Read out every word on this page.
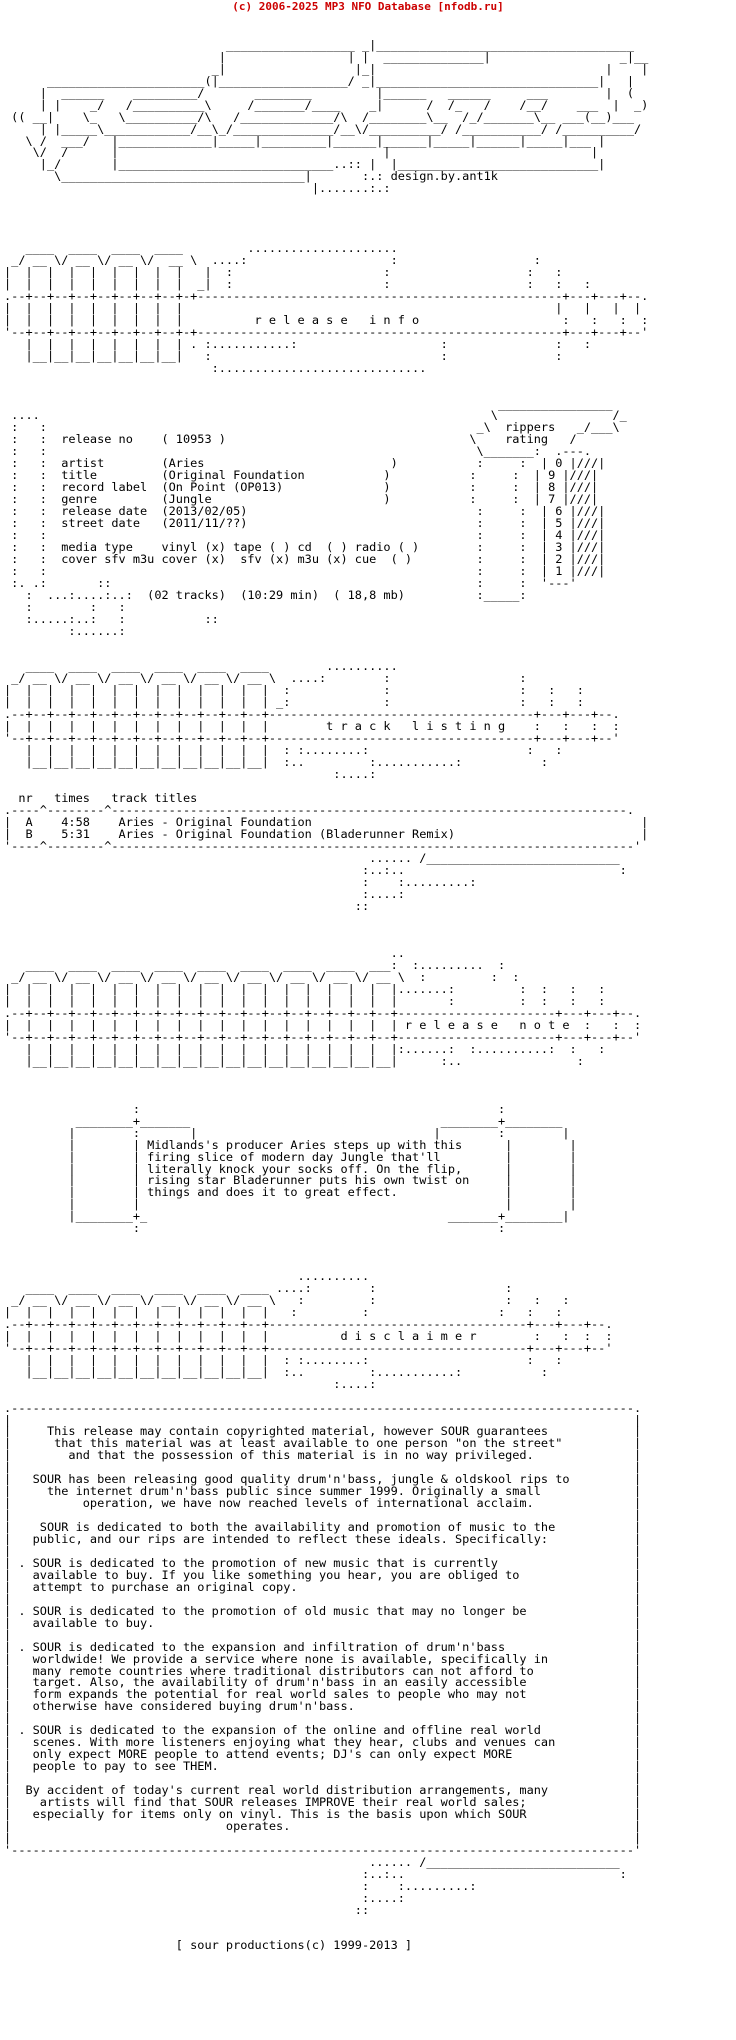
(c) 2006-2025 MP3 NFO Database [nfodb.ru]

__________________ _|____________________________________
|                 | |  ______________|                  _|__
_|                  |_|                                |    |
______________________(|__________________/ _|_______________________________|   |
|  ______    _________/       ________         |______   ______     ___        |  (
| |    _/   /__________\     /_______/____    _|      /  /_   /    /__/    ___  |  _)
(( __|    \_   \__________/\   /_____________/\  /________\__  /_/_______\__ ___(__)___
| |_____\____________/__\_/______________/__\/__________/ /___________/ /__________/
\ /  ___/   |_____________|_____|_________|______|______|_____|______|_____|___ |
\/  /      |                                     |                            |
|_/       |______________________________..:: |  |____________________________|
\__________________________________|       :.: design.by.ant1k
|.......:.:

____  ____  ____  ____         .....................
_/ __ \/ __ \/ __ \/  __ \  ....:                    :                   :
|  |  |  |  |  |  |  |  |   |  :                     :                   :   :
|  |  |  |  |  |  |  |  |  _|  :                     :                   :   :   :
.--+--+--+--+--+--+--+--+-+---------------------------------------------------+---+---+--.
|  |  |  |  |  |  |  |  |                                                    |   |   |  |
|  |  |  |  |  |  |  |  |          r e l e a s e   i n f o                    :   :   :  :
'--+--+--+--+--+--+--+--+-+---------------------------------------------------+---+---+--'
|  |  |  |  |  |  |  | . :...........:                    :               :   :
|__|__|__|__|__|__|__|   :                                :               :
:.............................

________________
....                                                               \                /_
:   :                                                            _\  rippers   _/___\
:   :  release no    ( 10953 )                                  \    rating   /
:   :                                                            \_______:  .---.
:   :  artist        (Aries                          )           :     :  | 0 |///|
:   :  title         (Original Foundation           )           :     :  | 9 |///|
:   :  record label  (On Point (OP013)              )           :     :  | 8 |///|
:   :  genre         (Jungle                        )           :     :  | 7 |///|
:   :  release date  (2013/02/05)                                :     :  | 6 |///|
:   :  street date   (2011/11/??)                                :     :  | 5 |///|
:   :                                                            :     :  | 4 |///|
:   :  media type    vinyl (x) tape ( ) cd  ( ) radio ( )        :     :  | 3 |///|
:   :  cover sfv m3u cover (x)  sfv (x) m3u (x) cue  ( )         :     :  | 2 |///|
:   :                                                            :     :  | 1 |///|
:. .:       ::                                                   :     :  '---'
:  ...:....:..:  (02 tracks)  (10:29 min)  ( 18,8 mb)          :_____:
:        :   :
:.....:..:   :           ::
:......:

____  ____  ____  ____  ____  ____        ..........
_/ __ \/ __ \/ __ \/ __ \/ __ \/ __ \  ....:        :                  :
|  |  |  |  |  |  |  |  |  |  |  |  |  :             :                  :   :   :
|  |  |  |  |  |  |  |  |  |  |  |  | _:             :                  :   :   :
.--+--+--+--+--+--+--+--+--+--+--+--+-------------------------------------+---+---+--.
|  |  |  |  |  |  |  |  |  |  |  |  |        t r a c k   l i s t i n g    :   :   :  :
'--+--+--+--+--+--+--+--+--+--+--+--+-------------------------------------+---+---+--'
|  |  |  |  |  |  |  |  |  |  |  |  : :........:                      :   :
|__|__|__|__|__|__|__|__|__|__|__|  :..         :...........:           :
:....:

nr   times   track titles
.----^--------^------------------------------------------------------------------------.
|  A    4:58    Aries - Original Foundation                                              |
|  B    5:31    Aries - Original Foundation (Bladerunner Remix)                          |
'----^--------^-------------------------------------------------------------------------'
...... /___________________________
:..:..                              :
:    :.........:
:....:
::

..
____  ____  ____  ____  ____  ____  ____  ____  ___:  :.........  :
_/ __ \/ __ \/ __ \/ __ \/ __ \/ __ \/ __ \/ __ \/ __ \  :         :  :
|  |  |  |  |  |  |  |  |  |  |  |  |  |  |  |  |  |  |.......:         :  :   :   :
|  |  |  |  |  |  |  |  |  |  |  |  |  |  |  |  |  |  |       :         :  :   :   :
.--+--+--+--+--+--+--+--+--+--+--+--+--+--+--+--+--+--+----------------------+---+---+--.
|  |  |  |  |  |  |  |  |  |  |  |  |  |  |  |  |  |  | r e l e a s e   n o t e  :   :  :
'--+--+--+--+--+--+--+--+--+--+--+--+--+--+--+--+--+--+----------------------+---+---+--'
|  |  |  |  |  |  |  |  |  |  |  |  |  |  |  |  |  |:......:  :..........:  :   :
|__|__|__|__|__|__|__|__|__|__|__|__|__|__|__|__|__|      :..                :

:                                                  :
________+_______                                   ________+________
|        :       |                                 |        :        |
|        | Midlands's producer Aries steps up with this      |        |
|        | firing slice of modern day Jungle that'll         |        |
|        | literally knock your socks off. On the flip,      |        |
|        | rising star Bladerunner puts his own twist on     |        |
|        | things and does it to great effect.               |        |
|        |                                                   |        |
|________+_                                          _______+________|
:                                                  :

..........
____  ____  ____  ____  ____  ____ ....:        :                  :
_/ __ \/ __ \/ __ \/ __ \/ __ \/ __ \   :         :                  :   :   :
|  |  |  |  |  |  |  |  |  |  |  |  |   :         :                  :   :   :
.--+--+--+--+--+--+--+--+--+--+--+--+------------------------------------+---+---+--.
|  |  |  |  |  |  |  |  |  |  |  |  |          d i s c l a i m e r        :   :  :  :
'--+--+--+--+--+--+--+--+--+--+--+--+------------------------------------+---+---+--'
|  |  |  |  |  |  |  |  |  |  |  |  : :........:                      :   :
|__|__|__|__|__|__|__|__|__|__|__|  :..         :...........:           :
:....:

.---------------------------------------------------------------------------------------.
|                                                                                       |
|     This release may contain copyrighted material, however SOUR guarantees            |
|      that this material was at least available to one person "on the street"          |
|        and that the possession of this material is in no way privileged.              |
|                                                                                       |
|   SOUR has been releasing good quality drum'n'bass, jungle & oldskool rips to         |
|     the internet drum'n'bass public since summer 1999. Originally a small             |
|          operation, we have now reached levels of international acclaim.              |
|                                                                                       |
|    SOUR is dedicated to both the availability and promotion of music to the           |
|   public, and our rips are intended to reflect these ideals. Specifically:            |
|                                                                                       |
| . SOUR is dedicated to the promotion of new music that is currently                   |
|   available to buy. If you like something you hear, you are obliged to                |
|   attempt to purchase an original copy.                                               |
|                                                                                       |
| . SOUR is dedicated to the promotion of old music that may no longer be               |
|   available to buy.                                                                   |
|                                                                                       |
| . SOUR is dedicated to the expansion and infiltration of drum'n'bass                  |
|   worldwide! We provide a service where none is available, specifically in            |
|   many remote countries where traditional distributors can not afford to              |
|   target. Also, the availability of drum'n'bass in an easily accessible               |
|   form expands the potential for real world sales to people who may not               |
|   otherwise have considered buying drum'n'bass.                                       |
|                                                                                       |
| . SOUR is dedicated to the expansion of the online and offline real world             |
|   scenes. With more listeners enjoying what they hear, clubs and venues can           |
|   only expect MORE people to attend events; DJ's can only expect MORE                 |
|   people to pay to see THEM.                                                          |
|                                                                                       |
|  By accident of today's current real world distribution arrangements, many            |
|    artists will find that SOUR releases IMPROVE their real world sales;               |
|   especially for items only on vinyl. This is the basis upon which SOUR               |
|                              operates.                                                |
|                                                                                       |
'---------------------------------------------------------------------------------------'
...... /___________________________
:..:..                              :
:    :.........:
:....:
::

[ sour productions(c) 1999-2013 ]
